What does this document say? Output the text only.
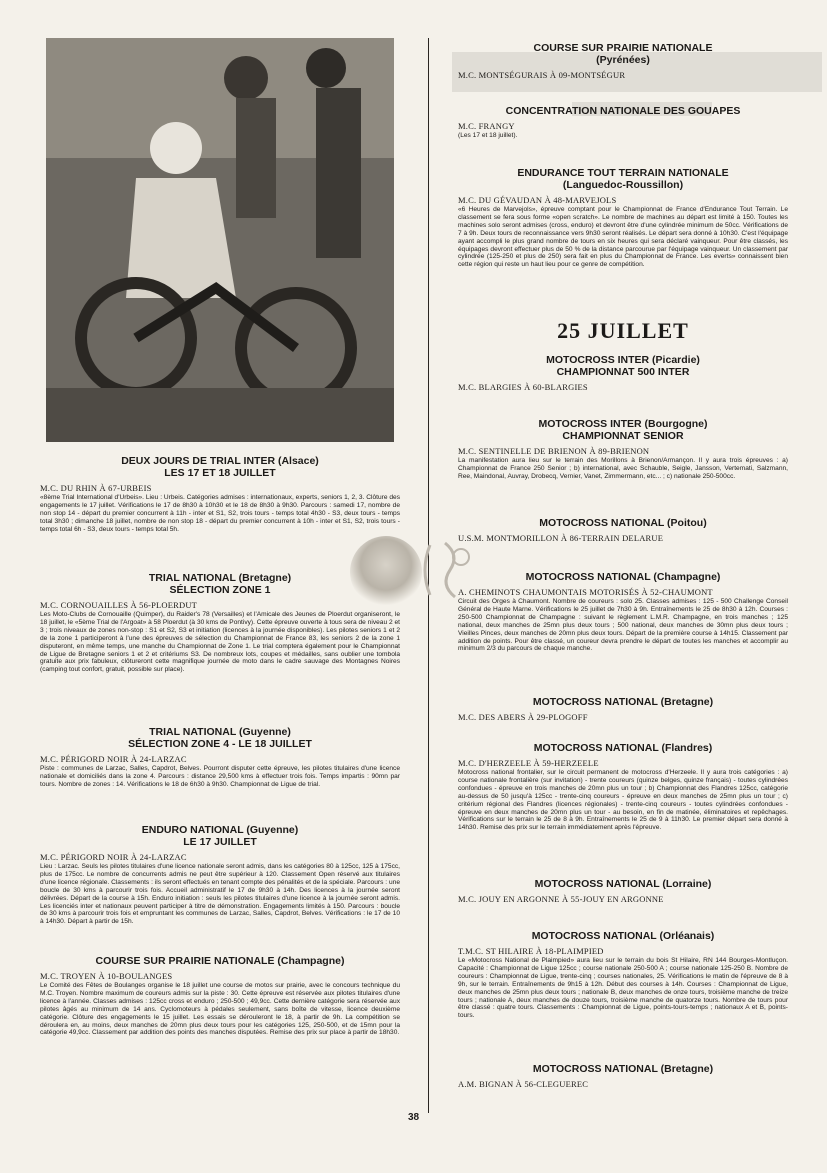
DEUX JOURS DE TRIAL INTER (Alsace)

LES 17 ET 18 JUILLET

M.C. DU RHIN À 67-URBEIS

«8ème Trial International d'Urbeis». Lieu : Urbeis. Catégories admises : internationaux, experts, seniors 1, 2, 3. Clôture des engagements le 17 juillet. Vérifications le 17 de 8h30 à 10h30 et le 18 de 8h30 à 9h30. Parcours : samedi 17, nombre de non stop 14 - départ du premier concurrent à 11h - inter et S1, S2, trois tours - temps total 4h30 - S3, deux tours - temps total 3h30 ; dimanche 18 juillet, nombre de non stop 18 - départ du premier concurrent à 10h - inter et S1, S2, trois tours - temps total 6h - S3, deux tours - temps total 5h.

TRIAL NATIONAL (Bretagne)

SÉLECTION ZONE 1

M.C. CORNOUAILLES À 56-PLOERDUT

Les Moto-Clubs de Cornouaille (Quimper), du Raider's 78 (Versailles) et l'Amicale des Jeunes de Ploerdut organiseront, le 18 juillet, le «5ème Trial de l'Argoat» à 58 Ploerdut (à 30 kms de Pontivy). Cette épreuve ouverte à tous sera de niveau 2 et 3 ; trois niveaux de zones non-stop : S1 et S2, S3 et initiation (licences à la journée disponibles). Les pilotes seniors 1 et 2 de la zone 1 participeront à l'une des épreuves de sélection du Championnat de France 83, les seniors 2 de la zone 1 disputeront, en même temps, une manche du Championnat de Zone 1. Le trial comptera également pour le Championnat de Ligue de Bretagne seniors 1 et 2 et critériums S3. De nombreux lots, coupes et médailles, sans oublier une tombola gratuite aux prix fabuleux, clôtureront cette magnifique journée de moto dans le cadre sauvage des Montagnes Noires (camping tout confort, gratuit, possible sur place).

TRIAL NATIONAL (Guyenne)

SÉLECTION ZONE 4 - LE 18 JUILLET

M.C. PÉRIGORD NOIR À 24-LARZAC

Piste : communes de Larzac, Salles, Capdrot, Belves. Pourront disputer cette épreuve, les pilotes titulaires d'une licence nationale et domiciliés dans la zone 4. Parcours : distance 29,500 kms à effectuer trois fois. Temps impartis : 90mn par tours. Nombre de zones : 14. Vérifications le 18 de 6h30 à 9h30. Championnat de Ligue de trial.

ENDURO NATIONAL (Guyenne)

LE 17 JUILLET

M.C. PÉRIGORD NOIR À 24-LARZAC

Lieu : Larzac. Seuls les pilotes titulaires d'une licence nationale seront admis, dans les catégories 80 à 125cc, 125 à 175cc, plus de 175cc. Le nombre de concurrents admis ne peut être supérieur à 120. Classement Open réservé aux titulaires d'une licence régionale. Classements : ils seront effectués en tenant compte des pénalités et de la spéciale. Parcours : une boucle de 30 kms à parcourir trois fois. Accueil administratif le 17 de 9h30 à 14h. Des licences à la journée seront délivrées. Départ de la course à 15h. Enduro initiation : seuls les pilotes titulaires d'une licence à la journée seront admis. Les licenciés inter et nationaux peuvent participer à titre de démonstration. Engagements limités à 150. Parcours : boucle de 30 kms à parcourir trois fois et empruntant les communes de Larzac, Salles, Capdrot, Belves. Vérifications : le 17 de 10 à 14h30. Départ à partir de 15h.

COURSE SUR PRAIRIE NATIONALE (Champagne)

M.C. TROYEN À 10-BOULANGES

Le Comité des Fêtes de Boulanges organise le 18 juillet une course de motos sur prairie, avec le concours technique du M.C. Troyen. Nombre maximum de coureurs admis sur la piste : 30. Cette épreuve est réservée aux pilotes titulaires d'une licence à l'année. Classes admises : 125cc cross et enduro ; 250-500 ; 49,9cc. Cette dernière catégorie sera réservée aux pilotes âgés au minimum de 14 ans. Cyclomoteurs à pédales seulement, sans boîte de vitesse, licence deuxième catégorie. Clôture des engagements le 15 juillet. Les essais se dérouleront le 18, à partir de 9h. La compétition se déroulera en, au moins, deux manches de 20mn plus deux tours pour les catégories 125, 250-500, et de 15mn pour la catégorie 49,9cc. Classement par addition des points des manches disputées. Remise des prix sur place à partir de 18h30.

COURSE SUR PRAIRIE NATIONALE

(Pyrénées)

M.C. MONTSÉGURAIS À 09-MONTSÉGUR

CONCENTRATION NATIONALE DES GOUAPES

M.C. FRANGY

(Les 17 et 18 juillet).

ENDURANCE TOUT TERRAIN NATIONALE

(Languedoc-Roussillon)

M.C. DU GÉVAUDAN À 48-MARVEJOLS

«6 Heures de Marvejols», épreuve comptant pour le Championnat de France d'Endurance Tout Terrain. Le classement se fera sous forme «open scratch». Le nombre de machines au départ est limité à 150. Toutes les machines solo seront admises (cross, enduro) et devront être d'une cylindrée minimum de 50cc. Vérifications de 7 à 9h. Deux tours de reconnaissance vers 9h30 seront réalisés. Le départ sera donné à 10h30. C'est l'équipage ayant accompli le plus grand nombre de tours en six heures qui sera déclaré vainqueur. Pour être classés, les équipages devront effectuer plus de 50 % de la distance parcourue par l'équipage vainqueur. Un classement par cylindrée (125-250 et plus de 250) sera fait en plus du Championnat de France. Les everts» connaissent bien cette région qui reste un haut lieu pour ce genre de compétition.

25 JUILLET

MOTOCROSS INTER (Picardie)

CHAMPIONNAT 500 INTER

M.C. BLARGIES À 60-BLARGIES

MOTOCROSS INTER (Bourgogne)

CHAMPIONNAT SENIOR

M.C. SENTINELLE DE BRIENON À 89-BRIENON

La manifestation aura lieu sur le terrain des Morillons à Brienon/Armançon. Il y aura trois épreuves : a) Championnat de France 250 Senior ; b) international, avec Schauble, Seigle, Jansson, Vertemati, Salzmann, Ree, Maindonal, Auvray, Drobecq, Vernier, Vanet, Zimmermann, etc... ; c) nationale 250-500cc.

MOTOCROSS NATIONAL (Poitou)

U.S.M. MONTMORILLON À 86-TERRAIN DELARUE

MOTOCROSS NATIONAL (Champagne)

A. CHEMINOTS CHAUMONTAIS MOTORISÉS À 52-CHAUMONT

Circuit des Orges à Chaumont. Nombre de coureurs : solo 25. Classes admises : 125 - 500 Challenge Conseil Général de Haute Marne. Vérifications le 25 juillet de 7h30 à 9h. Entraînements le 25 de 8h30 à 12h. Courses : 250-500 Championnat de Champagne : suivant le règlement L.M.R. Champagne, en trois manches ; 125 national, deux manches de 25mn plus deux tours ; 500 national, deux manches de 30mn plus deux tours ; Vieilles Pinces, deux manches de 20mn plus deux tours. Départ de la première course à 14h15. Classement par addition de points. Pour être classé, un coureur devra prendre le départ de toutes les manches et accomplir au minimum 2/3 du parcours de chaque manche.

MOTOCROSS NATIONAL (Bretagne)

M.C. DES ABERS À 29-PLOGOFF

MOTOCROSS NATIONAL (Flandres)

M.C. D'HERZEELE À 59-HERZEELE

Motocross national frontalier, sur le circuit permanent de motocross d'Herzeele. Il y aura trois catégories : a) course nationale frontalière (sur invitation) - trente coureurs (quinze belges, quinze français) - toutes cylindrées confondues - épreuve en trois manches de 20mn plus un tour ; b) Championnat des Flandres 125cc, catégorie au-dessus de 50 jusqu'à 125cc - trente-cinq coureurs - épreuve en deux manches de 25mn plus un tour ; c) critérium régional des Flandres (licences régionales) - trente-cinq coureurs - toutes cylindrées confondues - épreuve en deux manches de 20mn plus un tour - au besoin, en fin de matinée, éliminatoires et repêchages. Vérifications sur le terrain le 25 de 8 à 9h. Entraînements le 25 de 9 à 11h30. Le premier départ sera donné à 14h30. Remise des prix sur le terrain immédiatement après l'épreuve.

MOTOCROSS NATIONAL (Lorraine)

M.C. JOUY EN ARGONNE À 55-JOUY EN ARGONNE

MOTOCROSS NATIONAL (Orléanais)

T.M.C. ST HILAIRE À 18-PLAIMPIED

Le «Motocross National de Plaimpied» aura lieu sur le terrain du bois St Hilaire, RN 144 Bourges-Montluçon. Capacité : Championnat de Ligue 125cc ; course nationale 250-500 A ; course nationale 125-250 B. Nombre de coureurs : Championnat de Ligue, trente-cinq ; courses nationales, 25. Vérifications le matin de l'épreuve de 8 à 9h, sur le terrain. Entraînements de 9h15 à 12h. Début des courses à 14h. Courses : Championnat de Ligue, deux manches de 25mn plus deux tours ; nationale B, deux manches de onze tours, troisième manche de treize tours ; nationale A, deux manches de douze tours, troisième manche de quatorze tours. Nombre de tours pour être classé : quatre tours. Classements : Championnat de Ligue, points-tours-temps ; nationaux A et B, points-tours.

MOTOCROSS NATIONAL (Bretagne)

A.M. BIGNAN À 56-CLEGUEREC

38
